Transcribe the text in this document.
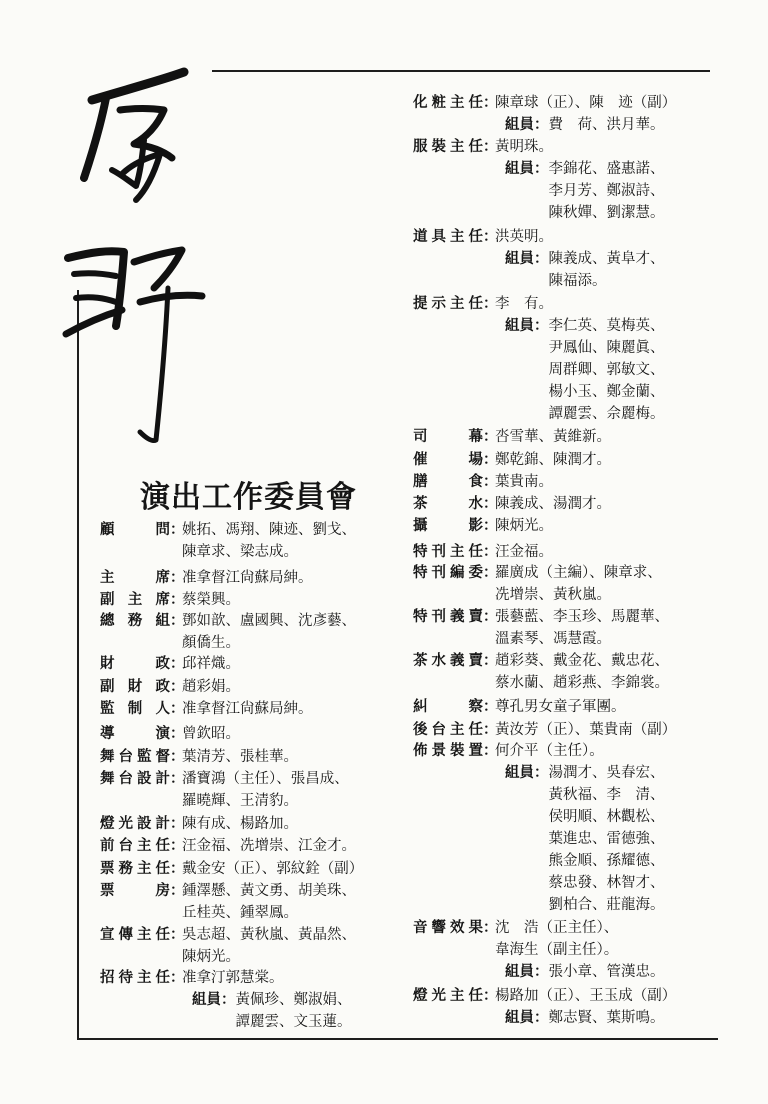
演出工作委員會
顧　問 ：
姚拓、馮翔、陳迹、劉戈、
陳章求、梁志成。
主　席 ：
准拿督江尙蘇局紳。
副主席 ：
蔡榮興。
總務組 ：
鄧如歆、盧國興、沈彥藝、
顏僑生。
財　政 ：
邱祥熾。
副財政 ：
趙彩娟。
監制人 ：
准拿督江尙蘇局紳。
導　演 ：
曾欽昭。
舞台監督 ：
葉清芳、張桂華。
舞台設計 ：
潘寶鴻（主任）、張昌成、
羅曉輝、王清豹。
燈光設計 ：
陳有成、楊路加。
前台主任 ：
汪金福、冼增崇、江金才。
票務主任 ：
戴金安（正）、郭紋銓（副）
票　房 ：
鍾澤懸、黃文勇、胡美珠、
丘桂英、鍾翠鳳。
宣傳主任 ：
吳志超、黃秋嵐、黃晶然、
陳炳光。
招待主任 ：
准拿汀郭慧棠。
組員： 黃佩珍、鄭淑娟、
譚麗雲、文玉蓮。
化粧主任 ：
陳章球（正）、陳　迹（副）
組員： 費　荷、洪月華。
服裝主任 ：
黃明珠。
組員： 李錦花、盛惠諾、
李月芳、鄭淑詩、
陳秋嬋、劉潔慧。
道具主任 ：
洪英明。
組員： 陳義成、黃阜才、
陳福添。
提示主任 ：
李　有。
組員： 李仁英、莫梅英、
尹鳳仙、陳麗眞、
周群卿、郭敏文、
楊小玉、鄭金蘭、
譚麗雲、佘麗梅。
司　幕 ：
呇雪華、黃維新。
催　場 ：
鄭乾錦、陳潤才。
膳　食 ：
葉貴南。
茶　水 ：
陳義成、湯潤才。
攝　影 ：
陳炳光。
特刊主任 ：
汪金福。
特刊編委 ：
羅廣成（主編）、陳章求、
冼增崇、黃秋嵐。
特刊義賣 ：
張藝藍、李玉珍、馬麗華、
溫素琴、馮慧霞。
茶水義賣 ：
趙彩葵、戴金花、戴忠花、
蔡水蘭、趙彩燕、李錦裳。
糾　察 ：
尊孔男女童子軍團。
後台主任 ：
黃汝芳（正）、葉貴南（副）
佈景裝置 ：
何介平（主任）。
組員： 湯潤才、吳春宏、
黃秋福、李　清、
侯明順、林觀松、
葉進忠、雷德強、
熊金順、孫耀德、
蔡忠發、林智才、
劉柏合、莊龍海。
音響效果 ：
沈　浩（正主任）、
韋海生（副主任）。
組員： 張小章、管漢忠。
燈光主任 ：
楊路加（正）、王玉成（副）
組員： 鄭志賢、葉斯鳴。
